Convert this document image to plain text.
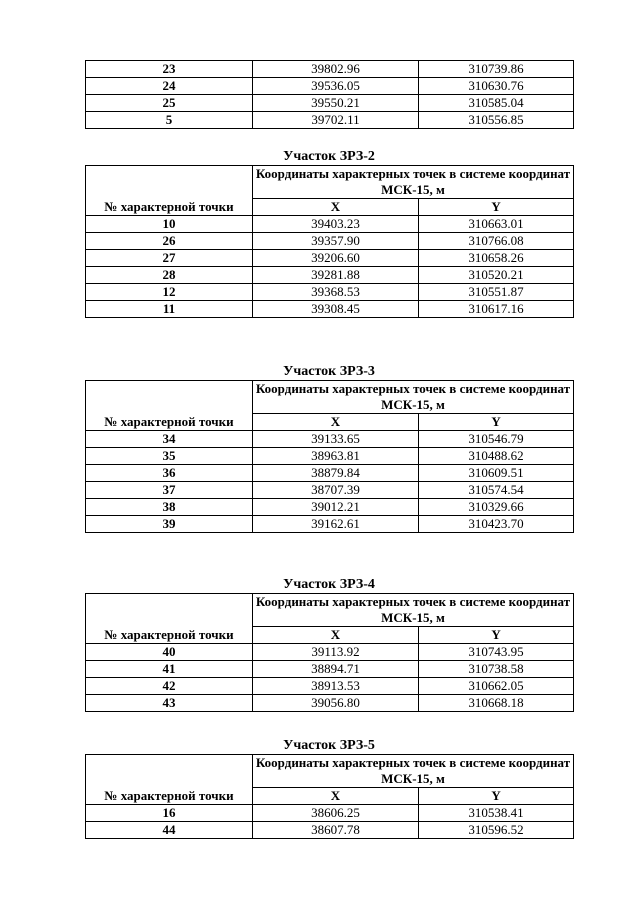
23	39802.96	310739.86
24	39536.05	310630.76
25	39550.21	310585.04
5	39702.11	310556.85
Участок ЗРЗ-2
№ характерной точки	Координаты характерных точек в системе координат МСК-15, м	
	X	Y
10	39403.23	310663.01
26	39357.90	310766.08
27	39206.60	310658.26
28	39281.88	310520.21
12	39368.53	310551.87
11	39308.45	310617.16
Участок ЗРЗ-3
№ характерной точки	Координаты характерных точек в системе координат МСК-15, м	
	X	Y
34	39133.65	310546.79
35	38963.81	310488.62
36	38879.84	310609.51
37	38707.39	310574.54
38	39012.21	310329.66
39	39162.61	310423.70
Участок ЗРЗ-4
№ характерной точки	Координаты характерных точек в системе координат МСК-15, м	
	X	Y
40	39113.92	310743.95
41	38894.71	310738.58
42	38913.53	310662.05
43	39056.80	310668.18
Участок ЗРЗ-5
№ характерной точки	Координаты характерных точек в системе координат МСК-15, м	
	X	Y
16	38606.25	310538.41
44	38607.78	310596.52
